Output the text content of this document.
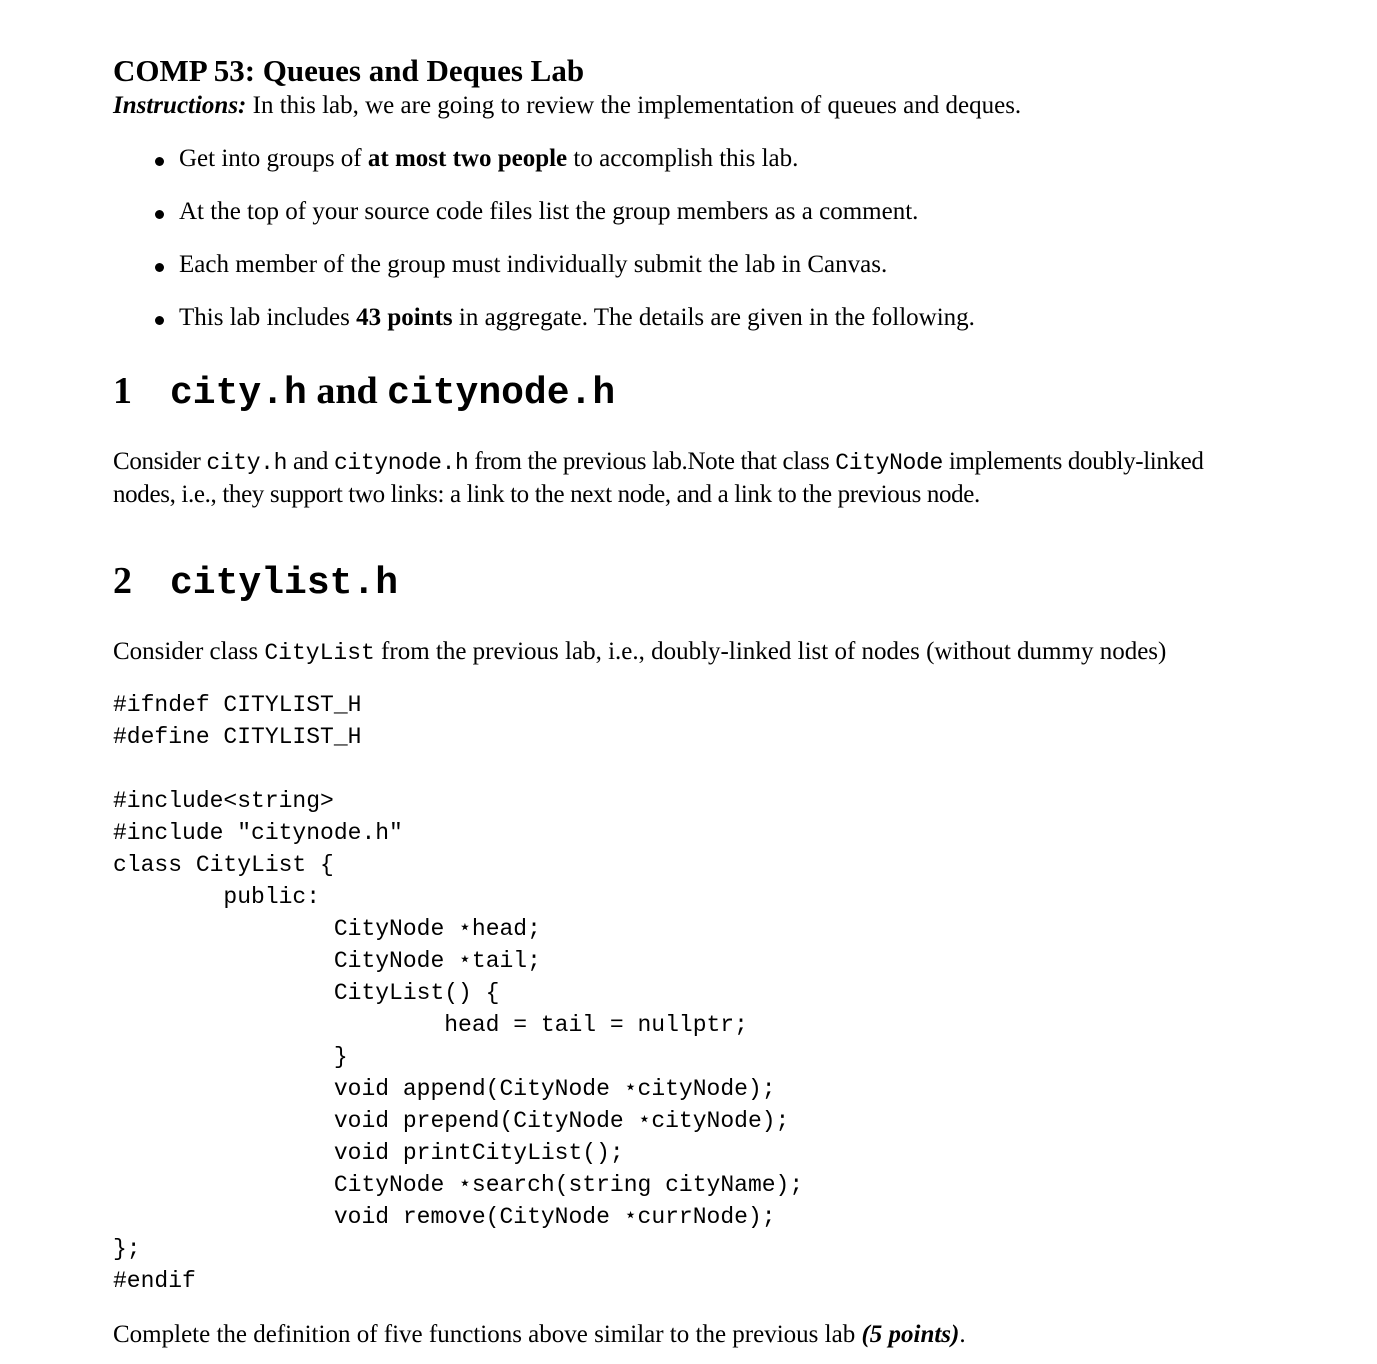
COMP 53: Queues and Deques Lab

Instructions: In this lab, we are going to review the implementation of queues and deques.

Get into groups of at most two people to accomplish this lab.
At the top of your source code files list the group members as a comment.
Each member of the group must individually submit the lab in Canvas.
This lab includes 43 points in aggregate. The details are given in the following.
1 city.h and citynode.h

Consider city.h and citynode.h from the previous lab.Note that class CityNode implements doubly-linked nodes, i.e., they support two links: a link to the next node, and a link to the previous node.

2 citylist.h

Consider class CityList from the previous lab, i.e., doubly-linked list of nodes (without dummy nodes)

#ifndef CITYLIST_H
#define CITYLIST_H

#include<string>
#include "citynode.h"
class CityList {
public:
CityNode ⋆head;
CityNode ⋆tail;
CityList() {
head = tail = nullptr;
}
void append(CityNode ⋆cityNode);
void prepend(CityNode ⋆cityNode);
void printCityList();
CityNode ⋆search(string cityName);
void remove(CityNode ⋆currNode);
};
#endif

Complete the definition of five functions above similar to the previous lab (5 points).
